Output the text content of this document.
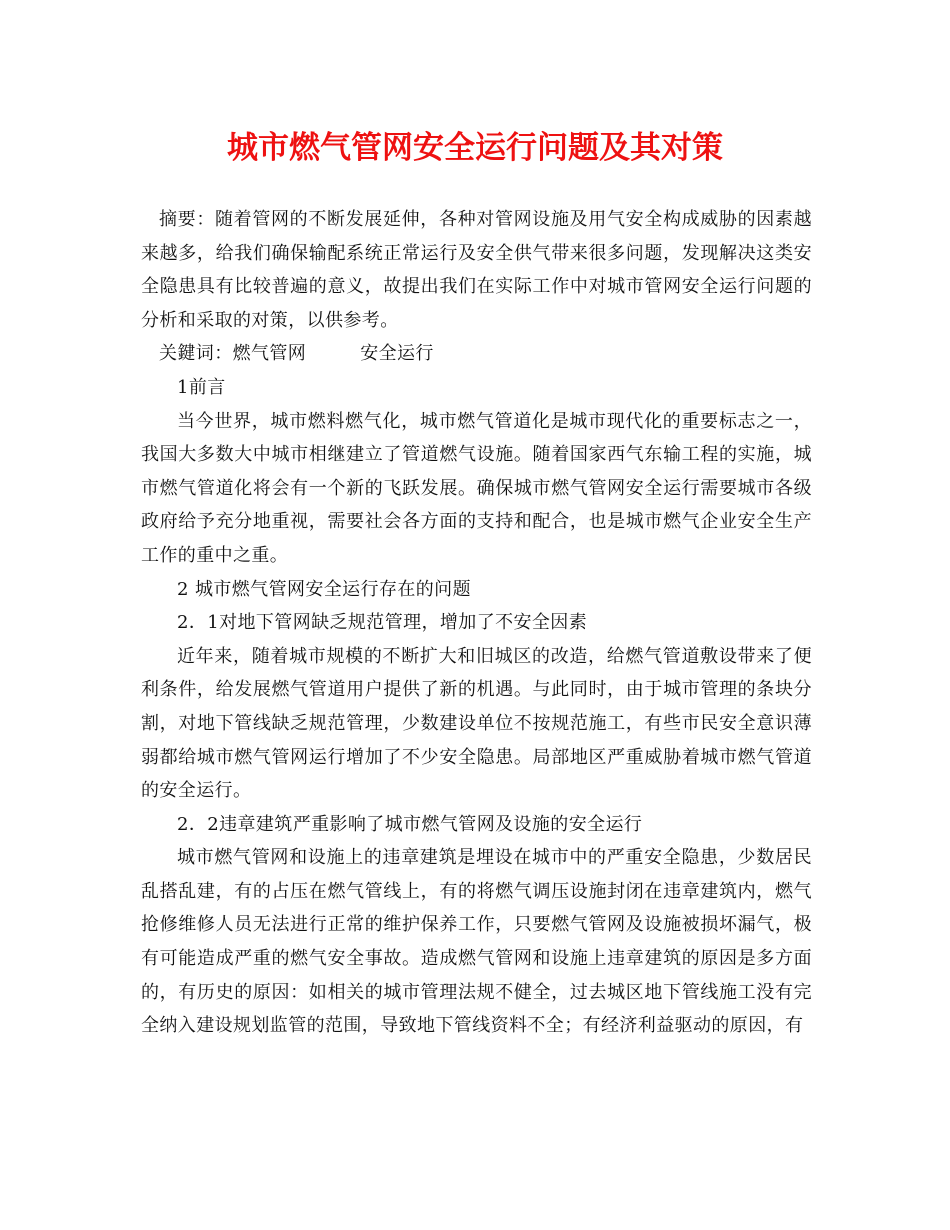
城市燃气管网安全运行问题及其对策

摘要：随着管网的不断发展延伸，各种对管网设施及用气安全构成威胁的因素越来越多，给我们确保输配系统正常运行及安全供气带来很多问题，发现解决这类安全隐患具有比较普遍的意义，故提出我们在实际工作中对城市管网安全运行问题的分析和采取的对策，以供参考。

关鍵词：燃气管网	安全运行

1前言

当今世界，城市燃料燃气化，城市燃气管道化是城市现代化的重要标志之一，我国大多数大中城市相继建立了管道燃气设施。随着国家西气东输工程的实施，城市燃气管道化将会有一个新的飞跃发展。确保城市燃气管网安全运行需要城市各级政府给予充分地重视，需要社会各方面的支持和配合，也是城市燃气企业安全生产工作的重中之重。

2 城市燃气管网安全运行存在的问题

2．1对地下管网缺乏规范管理，增加了不安全因素

近年来，随着城市规模的不断扩大和旧城区的改造，给燃气管道敷设带来了便利条件，给发展燃气管道用户提供了新的机遇。与此同时，由于城市管理的条块分割，对地下管线缺乏规范管理，少数建设单位不按规范施工，有些市民安全意识薄弱都给城市燃气管网运行增加了不少安全隐患。局部地区严重威胁着城市燃气管道的安全运行。

2．2违章建筑严重影响了城市燃气管网及设施的安全运行

城市燃气管网和设施上的违章建筑是埋设在城市中的严重安全隐患，少数居民乱搭乱建，有的占压在燃气管线上，有的将燃气调压设施封闭在违章建筑内，燃气抢修维修人员无法进行正常的维护保养工作，只要燃气管网及设施被损坏漏气，极有可能造成严重的燃气安全事故。造成燃气管网和设施上违章建筑的原因是多方面的，有历史的原因：如相关的城市管理法规不健全，过去城区地下管线施工没有完全纳入建设规划监管的范围，导致地下管线资料不全；有经济利益驱动的原因，有
